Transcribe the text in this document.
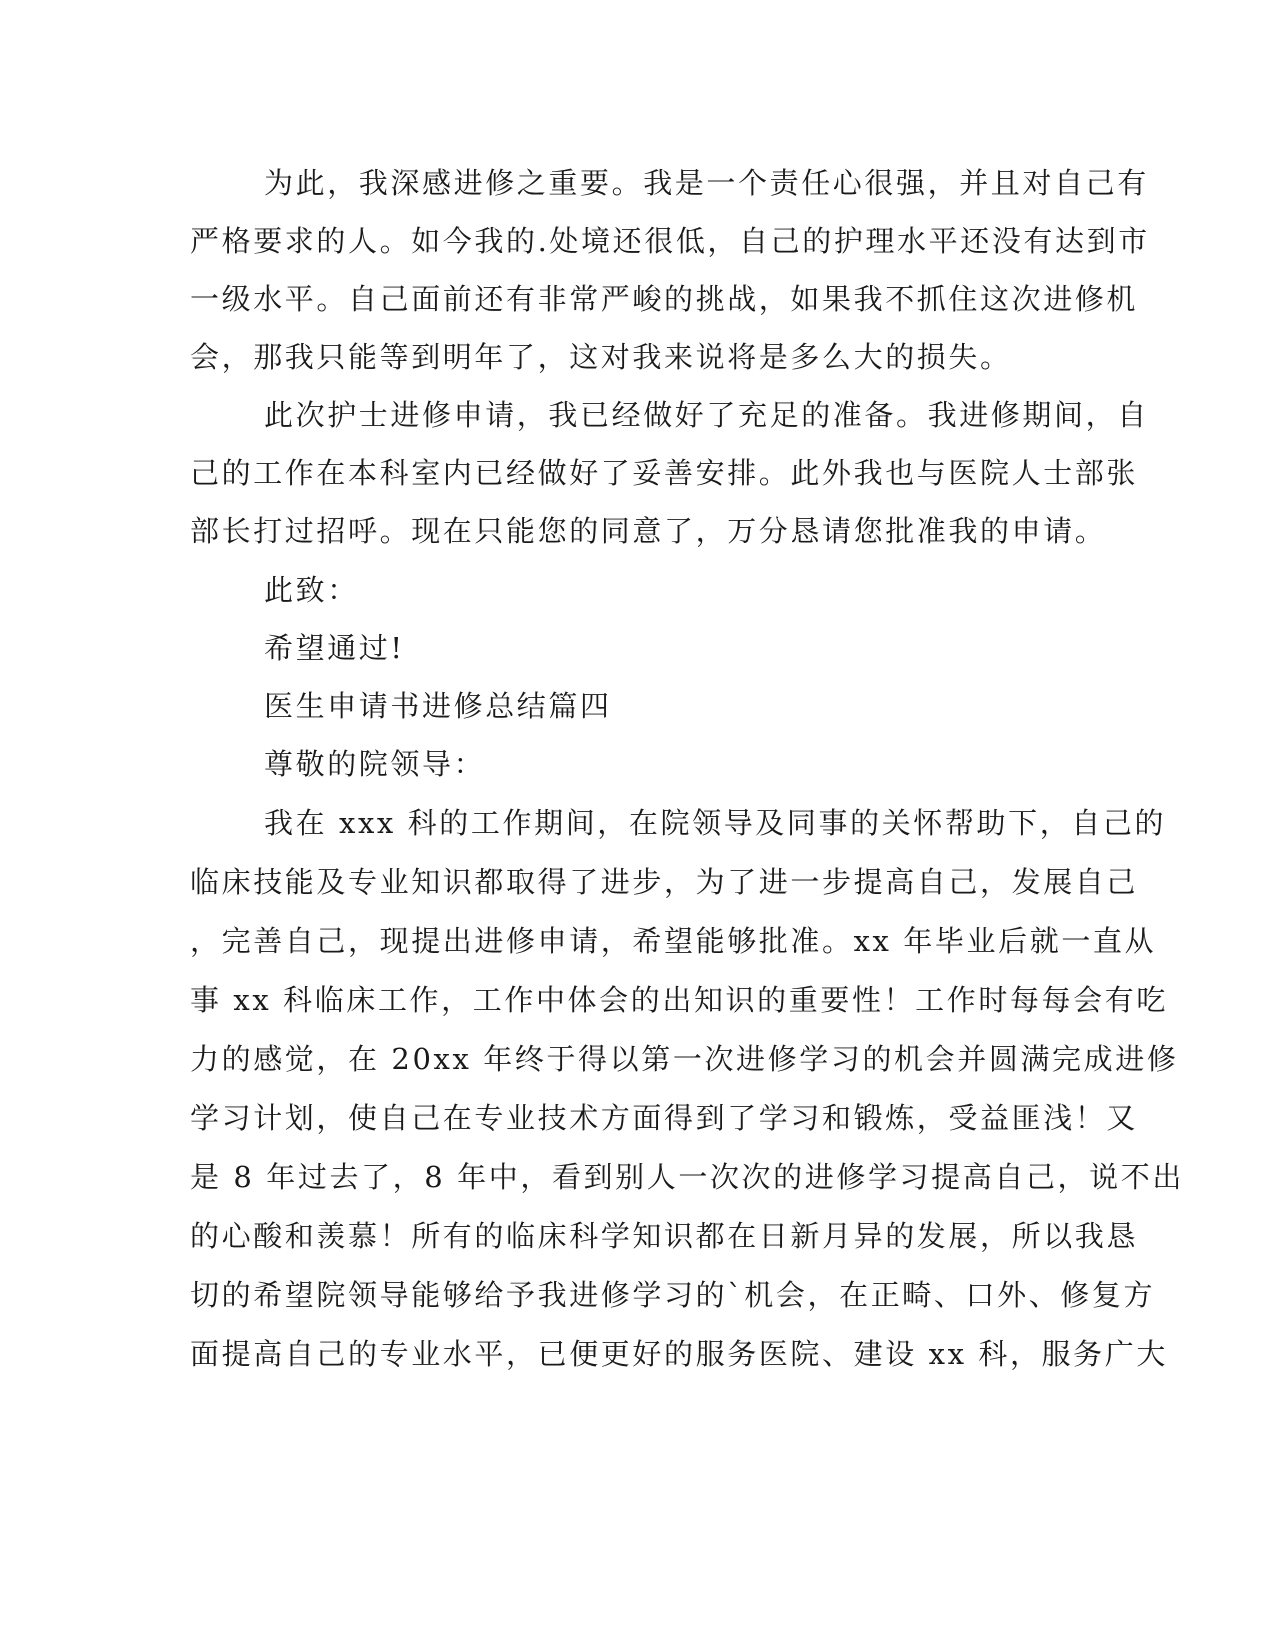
为此，我深感进修之重要。我是一个责任心很强，并且对自己有
严格要求的人。如今我的.处境还很低，自己的护理水平还没有达到市
一级水平。自己面前还有非常严峻的挑战，如果我不抓住这次进修机
会，那我只能等到明年了，这对我来说将是多么大的损失。
此次护士进修申请，我已经做好了充足的准备。我进修期间，自
己的工作在本科室内已经做好了妥善安排。此外我也与医院人士部张
部长打过招呼。现在只能您的同意了，万分恳请您批准我的申请。
此致：
希望通过!
医生申请书进修总结篇四
尊敬的院领导：
我在 xxx 科的工作期间，在院领导及同事的关怀帮助下，自己的
临床技能及专业知识都取得了进步，为了进一步提高自己，发展自己
，完善自己，现提出进修申请，希望能够批准。xx 年毕业后就一直从
事 xx 科临床工作，工作中体会的出知识的重要性！工作时每每会有吃
力的感觉，在 20xx 年终于得以第一次进修学习的机会并圆满完成进修
学习计划，使自己在专业技术方面得到了学习和锻炼，受益匪浅！又
是 8 年过去了，8 年中，看到别人一次次的进修学习提高自己，说不出
的心酸和羡慕！所有的临床科学知识都在日新月异的发展，所以我恳
切的希望院领导能够给予我进修学习的`机会，在正畸、口外、修复方
面提高自己的专业水平，已便更好的服务医院、建设 xx 科，服务广大
